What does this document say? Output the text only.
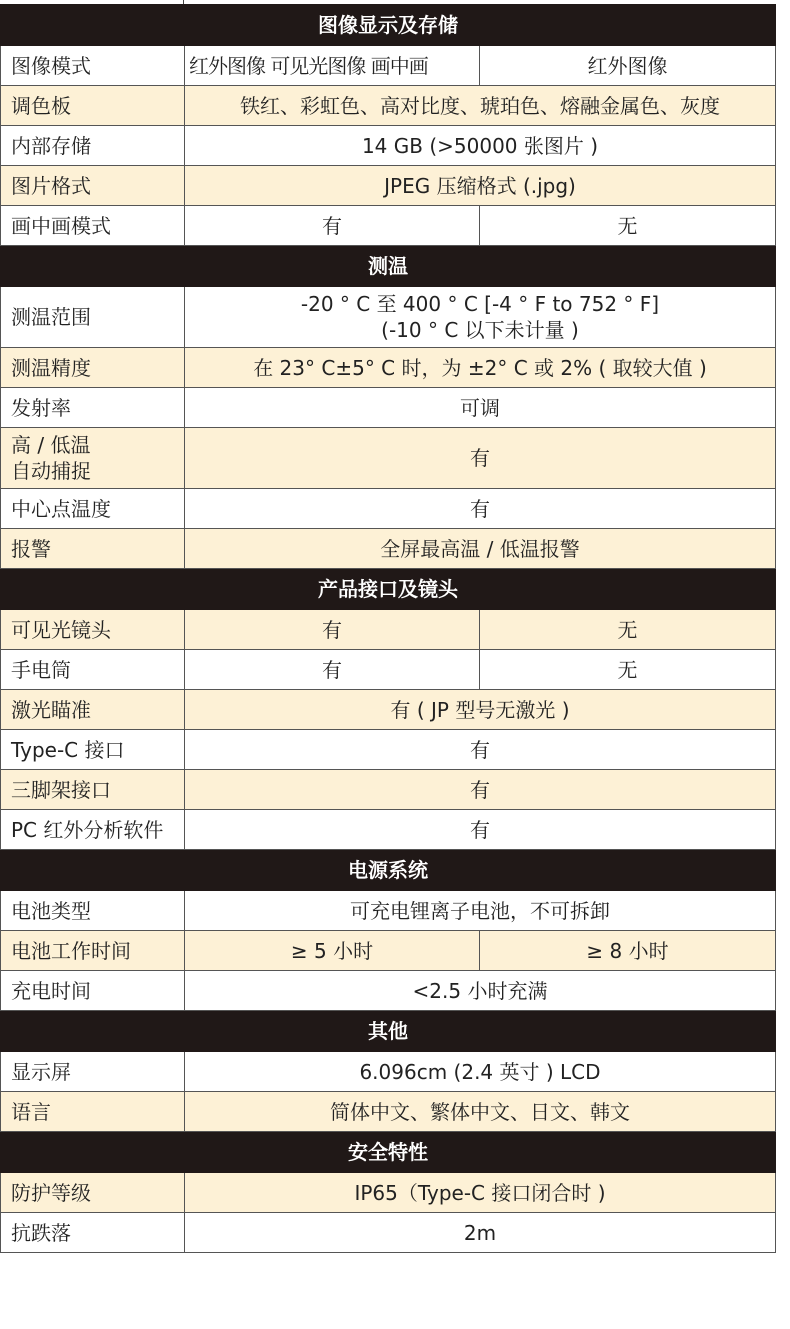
图像显示及存储		

图像模式	红外图像 可见光图像 画中画	红外图像

调色板	铁红、彩虹色、高对比度、琥珀色、熔融金属色、灰度	

内部存储	14 GB (>50000 张图片 )	

图片格式	JPEG 压缩格式 (.jpg)	

画中画模式	有	无

测温		

测温范围	-20 ° C 至 400 ° C [-4 ° F to 752 ° F]
(-10 ° C 以下未计量 )	

测温精度	在 23° C±5° C 时，为 ±2° C 或 2% ( 取较大值 )	

发射率	可调	

高 / 低温
自动捕捉	有	

中心点温度	有	

报警	全屏最高温 / 低温报警	

产品接口及镜头		

可见光镜头	有	无

手电筒	有	无

激光瞄准	有 ( JP 型号无激光 )	

Type-C 接口	有	

三脚架接口	有	

PC 红外分析软件	有	

电源系统		

电池类型	可充电锂离子电池，不可拆卸	

电池工作时间	≥ 5 小时	≥ 8 小时

充电时间	<2.5 小时充满	

其他		

显示屏	6.096cm (2.4 英寸 ) LCD	

语言	简体中文、繁体中文、日文、韩文	

安全特性		

防护等级	IP65（Type-C 接口闭合时 )	

抗跌落	2m	
